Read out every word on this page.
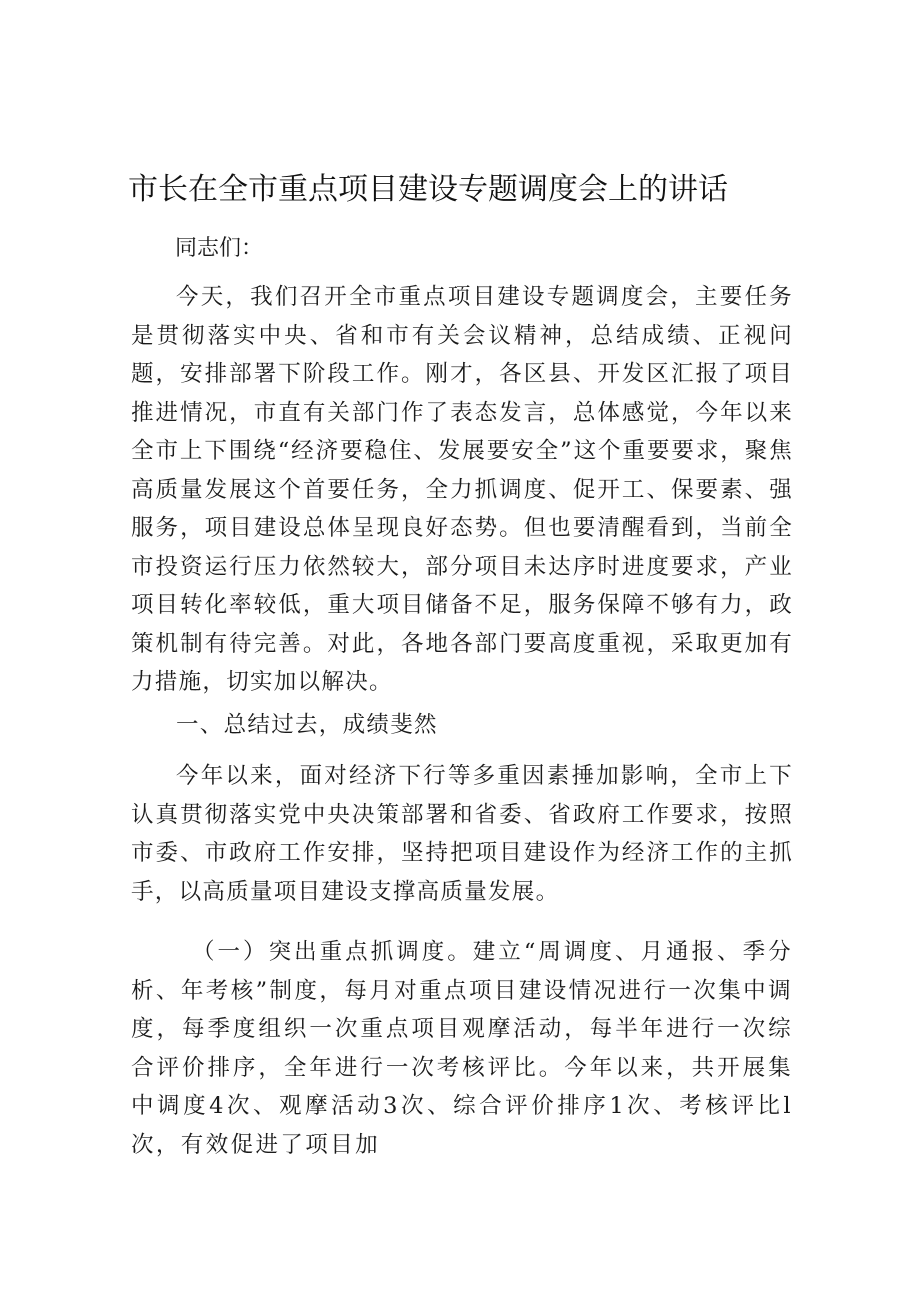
市长在全市重点项目建设专题调度会上的讲话

同志们：

今天，我们召开全市重点项目建设专题调度会，主要任务是贯彻落实中央、省和市有关会议精神，总结成绩、正视问题，安排部署下阶段工作。刚才，各区县、开发区汇报了项目推进情况，市直有关部门作了表态发言，总体感觉，今年以来全市上下围绕“经济要稳住、发展要安全”这个重要要求，聚焦高质量发展这个首要任务，全力抓调度、促开工、保要素、强服务，项目建设总体呈现良好态势。但也要清醒看到，当前全市投资运行压力依然较大，部分项目未达序时进度要求，产业项目转化率较低，重大项目储备不足，服务保障不够有力，政策机制有待完善。对此，各地各部门要高度重视，采取更加有力措施，切实加以解决。

一、总结过去，成绩斐然

今年以来，面对经济下行等多重因素捶加影响，全市上下认真贯彻落实党中央决策部署和省委、省政府工作要求，按照市委、市政府工作安排，坚持把项目建设作为经济工作的主抓手，以高质量项目建设支撑高质量发展。

（一）突出重点抓调度。建立“周调度、月通报、季分析、年考核”制度，每月对重点项目建设情况进行一次集中调度，每季度组织一次重点项目观摩活动，每半年进行一次综合评价排序，全年进行一次考核评比。今年以来，共开展集中调度4次、观摩活动3次、综合评价排序1次、考核评比l次，有效促进了项目加
